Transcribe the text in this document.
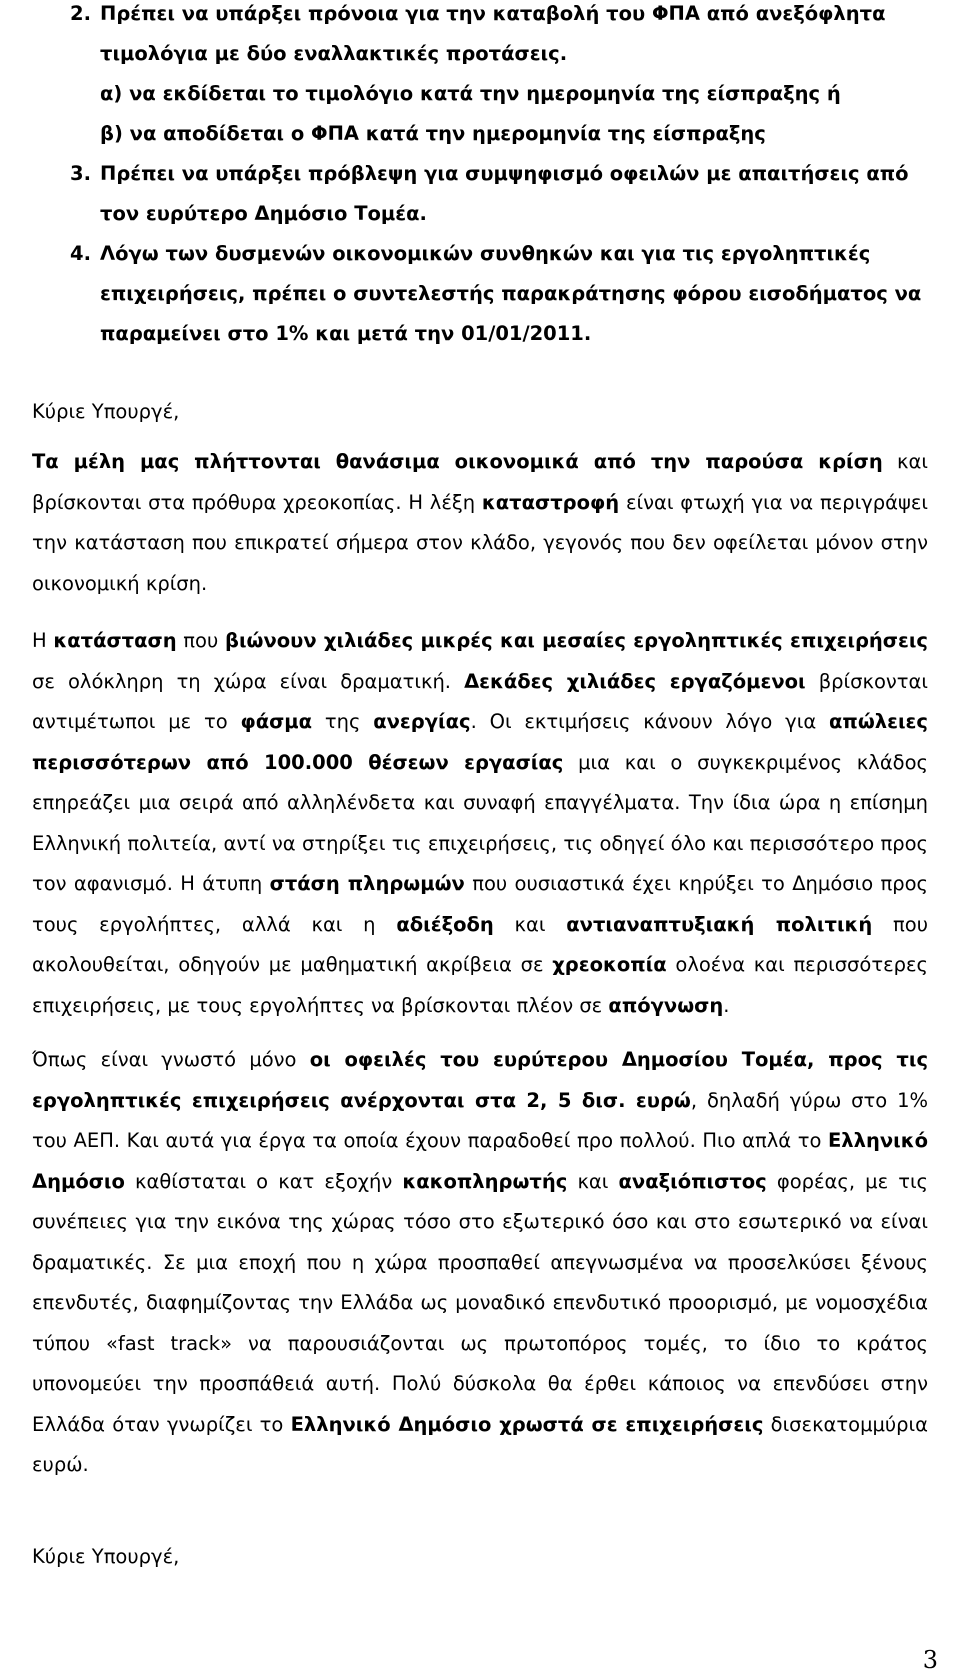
2. Πρέπει να υπάρξει πρόνοια για την καταβολή του ΦΠΑ από ανεξόφλητα
τιμολόγια με δύο εναλλακτικές προτάσεις.
α) να εκδίδεται το τιμολόγιο κατά την ημερομηνία της είσπραξης ή
β) να αποδίδεται ο ΦΠΑ κατά την ημερομηνία της είσπραξης
3. Πρέπει να υπάρξει πρόβλεψη για συμψηφισμό οφειλών με απαιτήσεις από
τον ευρύτερο Δημόσιο Τομέα.
4. Λόγω των δυσμενών οικονομικών συνθηκών και για τις εργοληπτικές
επιχειρήσεις, πρέπει ο συντελεστής παρακράτησης φόρου εισοδήματος να
παραμείνει στο 1% και μετά την 01/01/2011.
Κύριε Υπουργέ,
Τα μέλη μας πλήττονται θανάσιμα οικονομικά από την παρούσα κρίση και βρίσκονται στα πρόθυρα χρεοκοπίας. Η λέξη καταστροφή είναι φτωχή για να περιγράψει την κατάσταση που επικρατεί σήμερα στον κλάδο, γεγονός που δεν οφείλεται μόνον στην οικονομική κρίση.
Η κατάσταση που βιώνουν χιλιάδες μικρές και μεσαίες εργοληπτικές επιχειρήσεις σε ολόκληρη τη χώρα είναι δραματική. Δεκάδες χιλιάδες εργαζόμενοι βρίσκονται αντιμέτωποι με το φάσμα της ανεργίας. Οι εκτιμήσεις κάνουν λόγο για απώλειες περισσότερων από 100.000 θέσεων εργασίας μια και ο συγκεκριμένος κλάδος επηρεάζει μια σειρά από αλληλένδετα και συναφή επαγγέλματα. Την ίδια ώρα η επίσημη Ελληνική πολιτεία, αντί να στηρίξει τις επιχειρήσεις, τις οδηγεί όλο και περισσότερο προς τον αφανισμό. Η άτυπη στάση πληρωμών που ουσιαστικά έχει κηρύξει το Δημόσιο προς τους εργολήπτες, αλλά και η αδιέξοδη και αντιαναπτυξιακή πολιτική που ακολουθείται, οδηγούν με μαθηματική ακρίβεια σε χρεοκοπία ολοένα και περισσότερες επιχειρήσεις, με τους εργολήπτες να βρίσκονται πλέον σε απόγνωση.
Όπως είναι γνωστό μόνο οι οφειλές του ευρύτερου Δημοσίου Τομέα, προς τις εργοληπτικές επιχειρήσεις ανέρχονται στα 2, 5 δισ. ευρώ, δηλαδή γύρω στο 1% του ΑΕΠ. Και αυτά για έργα τα οποία έχουν παραδοθεί προ πολλού. Πιο απλά το Ελληνικό Δημόσιο καθίσταται ο κατ εξοχήν κακοπληρωτής και αναξιόπιστος φορέας, με τις συνέπειες για την εικόνα της χώρας τόσο στο εξωτερικό όσο και στο εσωτερικό να είναι δραματικές. Σε μια εποχή που η χώρα προσπαθεί απεγνωσμένα να προσελκύσει ξένους επενδυτές, διαφημίζοντας την Ελλάδα ως μοναδικό επενδυτικό προορισμό, με νομοσχέδια τύπου «fast track» να παρουσιάζονται ως πρωτοπόρος τομές, το ίδιο το κράτος υπονομεύει την προσπάθειά αυτή. Πολύ δύσκολα θα έρθει κάποιος να επενδύσει στην Ελλάδα όταν γνωρίζει το Ελληνικό Δημόσιο χρωστά σε επιχειρήσεις δισεκατομμύρια ευρώ.
Κύριε Υπουργέ,
3
